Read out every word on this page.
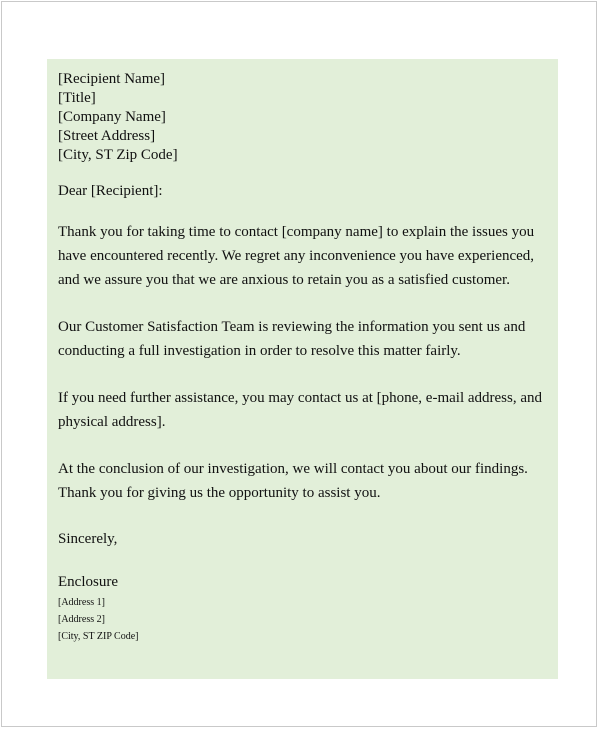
[Recipient Name]
[Title]
[Company Name]
[Street Address]
[City, ST Zip Code]
Dear [Recipient]:

Thank you for taking time to contact [company name] to explain the issues you have encountered recently. We regret any inconvenience you have experienced, and we assure you that we are anxious to retain you as a satisfied customer.

Our Customer Satisfaction Team is reviewing the information you sent us and conducting a full investigation in order to resolve this matter fairly.

If you need further assistance, you may contact us at [phone, e-mail address, and physical address].

At the conclusion of our investigation, we will contact you about our findings. Thank you for giving us the opportunity to assist you.

Sincerely,
Enclosure
[Address 1]
[Address 2]
[City, ST ZIP Code]
